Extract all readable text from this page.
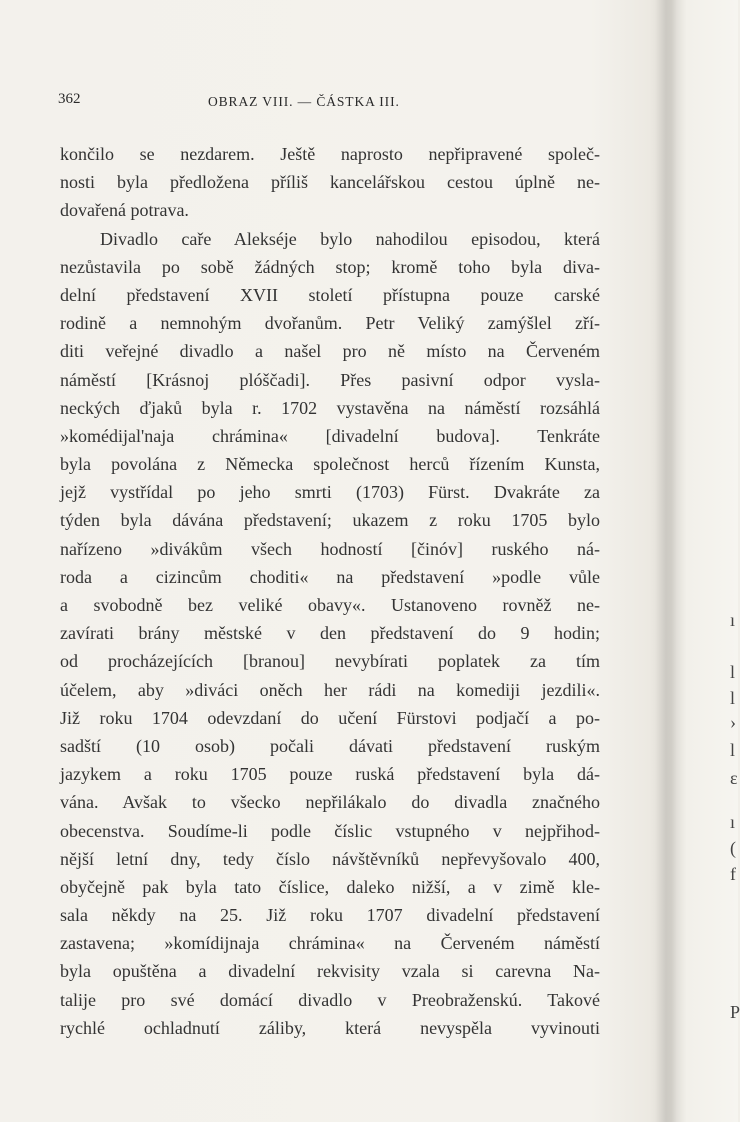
362	OBRAZ VIII. — ČÁSTKA III.
končilo se nezdarem. Ještě naprosto nepřipravené společ-
nosti byla předložena příliš kancelářskou cestou úplně ne-
dovařená potrava.
Divadlo caře Alekséje bylo nahodilou episodou, která
nezůstavila po sobě žádných stop; kromě toho byla diva-
delní představení XVII století přístupna pouze carské
rodině a nemnohým dvořanům. Petr Veliký zamýšlel zří-
diti veřejné divadlo a našel pro ně místo na Červeném
náměstí [Krásnoj plóščadi]. Přes pasivní odpor vysla-
neckých ďjaků byla r. 1702 vystavěna na náměstí rozsáhlá
»komédijal'naja chrámina« [divadelní budova]. Tenkráte
byla povolána z Německa společnost herců řízením Kunsta,
jejž vystřídal po jeho smrti (1703) Fürst. Dvakráte za
týden byla dávána představení; ukazem z roku 1705 bylo
nařízeno »divákům všech hodností [činóv] ruského ná-
roda a cizincům choditi« na představení »podle vůle
a svobodně bez veliké obavy«. Ustanoveno rovněž ne-
zavírati brány městské v den představení do 9 hodin;
od procházejících [branou] nevybírati poplatek za tím
účelem, aby »diváci oněch her rádi na komediji jezdili«.
Již roku 1704 odevzdaní do učení Fürstovi podjačí a po-
sadští (10 osob) počali dávati představení ruským
jazykem a roku 1705 pouze ruská představení byla dá-
vána. Avšak to všecko nepřilákalo do divadla značného
obecenstva. Soudíme-li podle číslic vstupného v nejpřihod-
nější letní dny, tedy číslo návštěvníků nepřevyšovalo 400,
obyčejně pak byla tato číslice, daleko nižší, a v zimě kle-
sala někdy na 25. Již roku 1707 divadelní představení
zastavena; »komídijnaja chrámina« na Červeném náměstí
byla opuštěna a divadelní rekvisity vzala si carevna Na-
talije pro své domácí divadlo v Preobraženskú. Takové
rychlé ochladnutí záliby, která nevyspěla vyvinouti
ı
l
l
›
l
ε
ı
(
f
P
